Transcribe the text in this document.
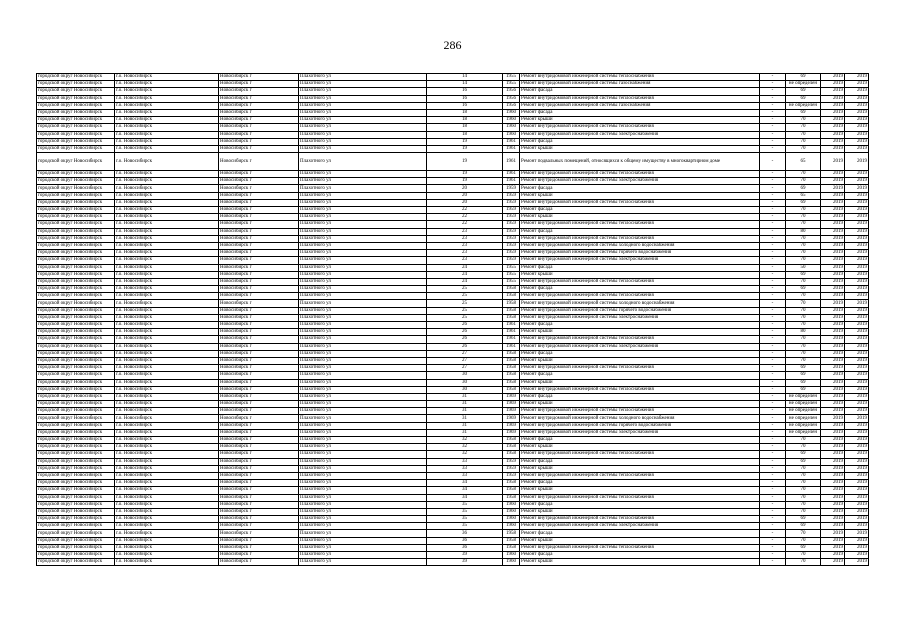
286
городской округ Новосибирск	г.о. Новосибирск	Новосибирск г	Плахотного ул	14	1955	Ремонт внутридомовой инженерной системы теплоснабжения	-	69	2019	2019
городской округ Новосибирск	г.о. Новосибирск	Новосибирск г	Плахотного ул	14	1955	Ремонт внутридомовой инженерной системы газоснабжения	-	не определен	2019	2019
городской округ Новосибирск	г.о. Новосибирск	Новосибирск г	Плахотного ул	16	1956	Ремонт фасада	-	69	2019	2019
городской округ Новосибирск	г.о. Новосибирск	Новосибирск г	Плахотного ул	16	1956	Ремонт внутридомовой инженерной системы теплоснабжения	-	69	2019	2019
городской округ Новосибирск	г.о. Новосибирск	Новосибирск г	Плахотного ул	16	1956	Ремонт внутридомовой инженерной системы газоснабжения	-	не определен	2019	2019
городской округ Новосибирск	г.о. Новосибирск	Новосибирск г	Плахотного ул	18	1960	Ремонт фасада	-	69	2019	2019
городской округ Новосибирск	г.о. Новосибирск	Новосибирск г	Плахотного ул	18	1960	Ремонт крыши	-	70	2019	2019
городской округ Новосибирск	г.о. Новосибирск	Новосибирск г	Плахотного ул	18	1960	Ремонт внутридомовой инженерной системы теплоснабжения	-	70	2019	2019
городской округ Новосибирск	г.о. Новосибирск	Новосибирск г	Плахотного ул	18	1960	Ремонт внутридомовой инженерной системы электроснабжения	-	70	2019	2019
городской округ Новосибирск	г.о. Новосибирск	Новосибирск г	Плахотного ул	19	1961	Ремонт фасада	-	70	2019	2019
городской округ Новосибирск	г.о. Новосибирск	Новосибирск г	Плахотного ул	19	1961	Ремонт крыши	-	70	2019	2019
городской округ Новосибирск	г.о. Новосибирск	Новосибирск г	Плахотного ул	19	1961	Ремонт подвальных помещений, относящихся к общему имуществу в многоквартирном доме	-	65	2019	2019
городской округ Новосибирск	г.о. Новосибирск	Новосибирск г	Плахотного ул	19	1961	Ремонт внутридомовой инженерной системы теплоснабжения	-	70	2019	2019
городской округ Новосибирск	г.о. Новосибирск	Новосибирск г	Плахотного ул	19	1961	Ремонт внутридомовой инженерной системы электроснабжения	-	70	2019	2019
городской округ Новосибирск	г.о. Новосибирск	Новосибирск г	Плахотного ул	20	1959	Ремонт фасада	-	69	2019	2019
городской округ Новосибирск	г.о. Новосибирск	Новосибирск г	Плахотного ул	20	1959	Ремонт крыши	-	65	2019	2019
городской округ Новосибирск	г.о. Новосибирск	Новосибирск г	Плахотного ул	20	1959	Ремонт внутридомовой инженерной системы теплоснабжения	-	69	2019	2019
городской округ Новосибирск	г.о. Новосибирск	Новосибирск г	Плахотного ул	22	1959	Ремонт фасада	-	70	2019	2019
городской округ Новосибирск	г.о. Новосибирск	Новосибирск г	Плахотного ул	22	1959	Ремонт крыши	-	70	2019	2019
городской округ Новосибирск	г.о. Новосибирск	Новосибирск г	Плахотного ул	22	1959	Ремонт внутридомовой инженерной системы теплоснабжения	-	70	2019	2019
городской округ Новосибирск	г.о. Новосибирск	Новосибирск г	Плахотного ул	23	1959	Ремонт фасада	-	80	2019	2019
городской округ Новосибирск	г.о. Новосибирск	Новосибирск г	Плахотного ул	23	1959	Ремонт внутридомовой инженерной системы теплоснабжения	-	70	2019	2019
городской округ Новосибирск	г.о. Новосибирск	Новосибирск г	Плахотного ул	23	1959	Ремонт внутридомовой инженерной системы холодного водоснабжения	-	70	2019	2019
городской округ Новосибирск	г.о. Новосибирск	Новосибирск г	Плахотного ул	23	1959	Ремонт внутридомовой инженерной системы горячего водоснабжения	-	70	2019	2019
городской округ Новосибирск	г.о. Новосибирск	Новосибирск г	Плахотного ул	23	1959	Ремонт внутридомовой инженерной системы электроснабжения	-	70	2019	2019
городской округ Новосибирск	г.о. Новосибирск	Новосибирск г	Плахотного ул	24	1955	Ремонт фасада	-	50	2019	2019
городской округ Новосибирск	г.о. Новосибирск	Новосибирск г	Плахотного ул	24	1955	Ремонт крыши	-	69	2019	2019
городской округ Новосибирск	г.о. Новосибирск	Новосибирск г	Плахотного ул	24	1955	Ремонт внутридомовой инженерной системы теплоснабжения	-	70	2019	2019
городской округ Новосибирск	г.о. Новосибирск	Новосибирск г	Плахотного ул	25	1958	Ремонт фасада	-	69	2019	2019
городской округ Новосибирск	г.о. Новосибирск	Новосибирск г	Плахотного ул	25	1958	Ремонт внутридомовой инженерной системы теплоснабжения	-	70	2019	2019
городской округ Новосибирск	г.о. Новосибирск	Новосибирск г	Плахотного ул	25	1958	Ремонт внутридомовой инженерной системы холодного водоснабжения	-	70	2019	2019
городской округ Новосибирск	г.о. Новосибирск	Новосибирск г	Плахотного ул	25	1958	Ремонт внутридомовой инженерной системы горячего водоснабжения	-	70	2019	2019
городской округ Новосибирск	г.о. Новосибирск	Новосибирск г	Плахотного ул	25	1958	Ремонт внутридомовой инженерной системы электроснабжения	-	70	2019	2019
городской округ Новосибирск	г.о. Новосибирск	Новосибирск г	Плахотного ул	26	1961	Ремонт фасада	-	70	2019	2019
городской округ Новосибирск	г.о. Новосибирск	Новосибирск г	Плахотного ул	26	1961	Ремонт крыши	-	80	2019	2019
городской округ Новосибирск	г.о. Новосибирск	Новосибирск г	Плахотного ул	26	1961	Ремонт внутридомовой инженерной системы теплоснабжения	-	70	2019	2019
городской округ Новосибирск	г.о. Новосибирск	Новосибирск г	Плахотного ул	26	1961	Ремонт внутридомовой инженерной системы электроснабжения	-	70	2019	2019
городской округ Новосибирск	г.о. Новосибирск	Новосибирск г	Плахотного ул	27	1958	Ремонт фасада	-	70	2019	2019
городской округ Новосибирск	г.о. Новосибирск	Новосибирск г	Плахотного ул	27	1958	Ремонт крыши	-	70	2019	2019
городской округ Новосибирск	г.о. Новосибирск	Новосибирск г	Плахотного ул	27	1958	Ремонт внутридомовой инженерной системы теплоснабжения	-	69	2019	2019
городской округ Новосибирск	г.о. Новосибирск	Новосибирск г	Плахотного ул	30	1958	Ремонт фасада	-	69	2019	2019
городской округ Новосибирск	г.о. Новосибирск	Новосибирск г	Плахотного ул	30	1958	Ремонт крыши	-	69	2019	2019
городской округ Новосибирск	г.о. Новосибирск	Новосибирск г	Плахотного ул	30	1958	Ремонт внутридомовой инженерной системы теплоснабжения	-	69	2019	2019
городской округ Новосибирск	г.о. Новосибирск	Новосибирск г	Плахотного ул	31	1969	Ремонт фасада	-	не определен	2019	2019
городской округ Новосибирск	г.о. Новосибирск	Новосибирск г	Плахотного ул	31	1969	Ремонт крыши	-	не определен	2019	2019
городской округ Новосибирск	г.о. Новосибирск	Новосибирск г	Плахотного ул	31	1969	Ремонт внутридомовой инженерной системы теплоснабжения	-	не определен	2019	2019
городской округ Новосибирск	г.о. Новосибирск	Новосибирск г	Плахотного ул	31	1969	Ремонт внутридомовой инженерной системы холодного водоснабжения	-	не определен	2019	2019
городской округ Новосибирск	г.о. Новосибирск	Новосибирск г	Плахотного ул	31	1969	Ремонт внутридомовой инженерной системы горячего водоснабжения	-	не определен	2019	2019
городской округ Новосибирск	г.о. Новосибирск	Новосибирск г	Плахотного ул	31	1969	Ремонт внутридомовой инженерной системы электроснабжения	-	не определен	2019	2019
городской округ Новосибирск	г.о. Новосибирск	Новосибирск г	Плахотного ул	32	1958	Ремонт фасада	-	70	2019	2019
городской округ Новосибирск	г.о. Новосибирск	Новосибирск г	Плахотного ул	32	1958	Ремонт крыши	-	70	2019	2019
городской округ Новосибирск	г.о. Новосибирск	Новосибирск г	Плахотного ул	32	1958	Ремонт внутридомовой инженерной системы теплоснабжения	-	69	2019	2019
городской округ Новосибирск	г.о. Новосибирск	Новосибирск г	Плахотного ул	33	1959	Ремонт фасада	-	69	2019	2019
городской округ Новосибирск	г.о. Новосибирск	Новосибирск г	Плахотного ул	33	1959	Ремонт крыши	-	70	2019	2019
городской округ Новосибирск	г.о. Новосибирск	Новосибирск г	Плахотного ул	33	1959	Ремонт внутридомовой инженерной системы теплоснабжения	-	70	2019	2019
городской округ Новосибирск	г.о. Новосибирск	Новосибирск г	Плахотного ул	34	1958	Ремонт фасада	-	70	2019	2019
городской округ Новосибирск	г.о. Новосибирск	Новосибирск г	Плахотного ул	34	1958	Ремонт крыши	-	70	2019	2019
городской округ Новосибирск	г.о. Новосибирск	Новосибирск г	Плахотного ул	34	1958	Ремонт внутридомовой инженерной системы теплоснабжения	-	70	2019	2019
городской округ Новосибирск	г.о. Новосибирск	Новосибирск г	Плахотного ул	35	1960	Ремонт фасада	-	70	2019	2019
городской округ Новосибирск	г.о. Новосибирск	Новосибирск г	Плахотного ул	35	1960	Ремонт крыши	-	70	2019	2019
городской округ Новосибирск	г.о. Новосибирск	Новосибирск г	Плахотного ул	35	1960	Ремонт внутридомовой инженерной системы теплоснабжения	-	69	2019	2019
городской округ Новосибирск	г.о. Новосибирск	Новосибирск г	Плахотного ул	35	1960	Ремонт внутридомовой инженерной системы электроснабжения	-	69	2019	2019
городской округ Новосибирск	г.о. Новосибирск	Новосибирск г	Плахотного ул	36	1958	Ремонт фасада	-	70	2019	2019
городской округ Новосибирск	г.о. Новосибирск	Новосибирск г	Плахотного ул	36	1958	Ремонт крыши	-	70	2019	2019
городской округ Новосибирск	г.о. Новосибирск	Новосибирск г	Плахотного ул	36	1958	Ремонт внутридомовой инженерной системы теплоснабжения	-	69	2019	2019
городской округ Новосибирск	г.о. Новосибирск	Новосибирск г	Плахотного ул	39	1960	Ремонт фасада	-	70	2019	2019
городской округ Новосибирск	г.о. Новосибирск	Новосибирск г	Плахотного ул	39	1960	Ремонт крыши	-	70	2019	2019
